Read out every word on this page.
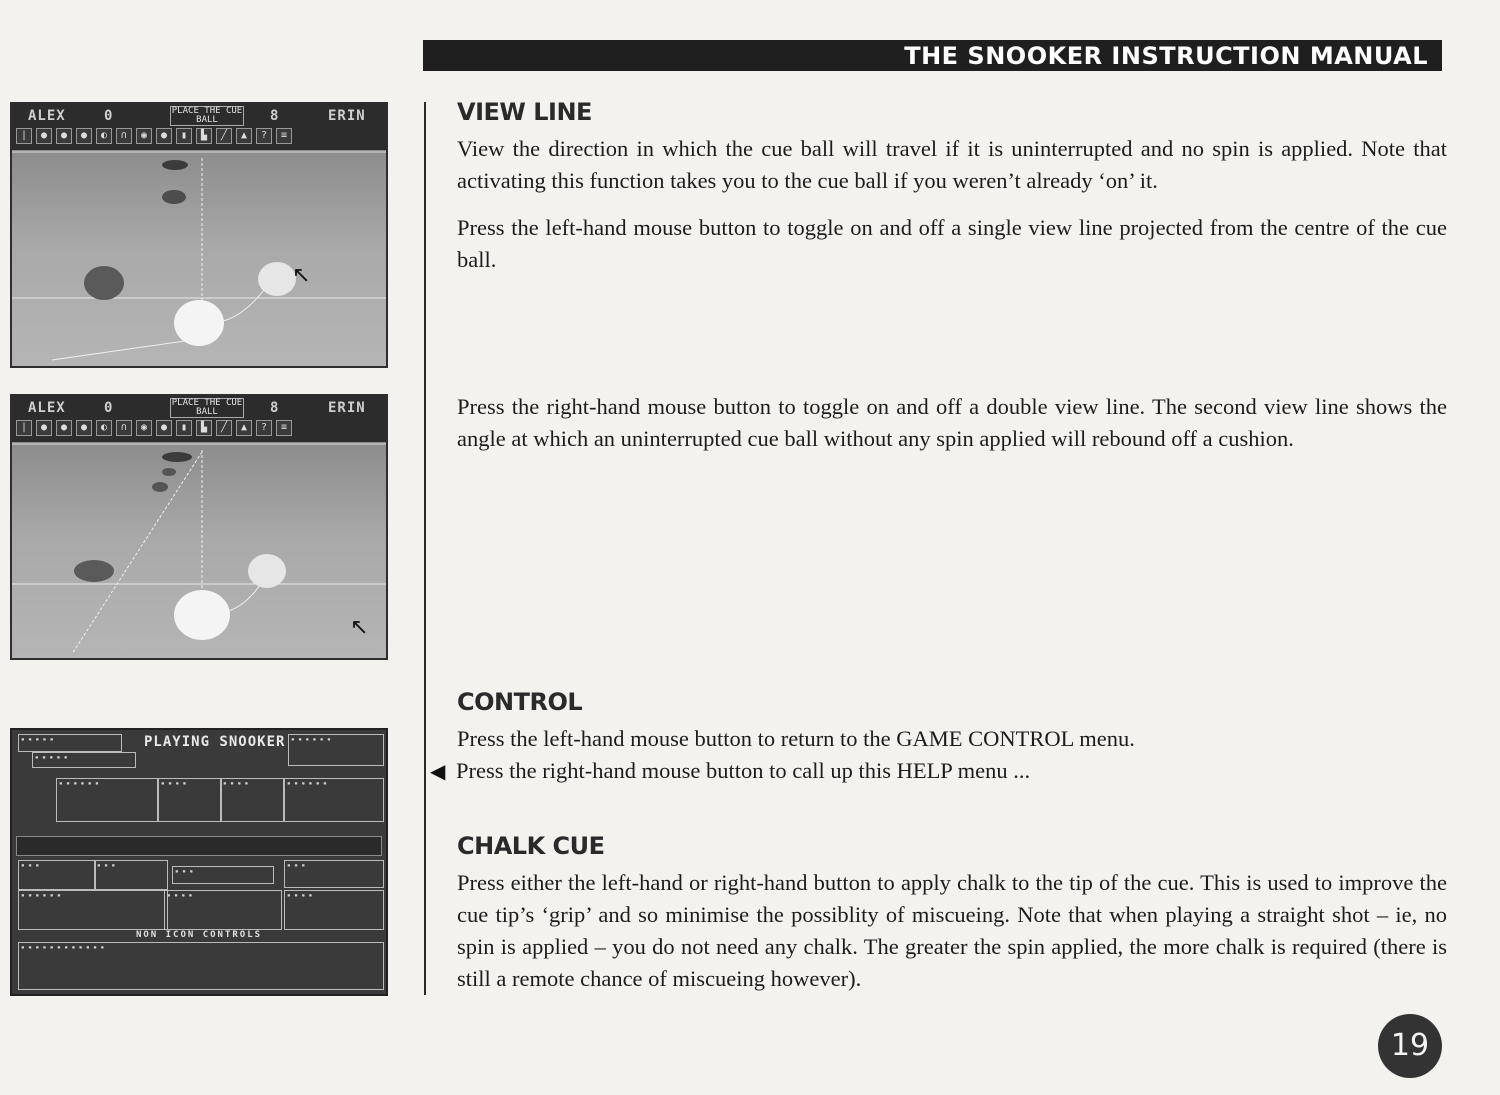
THE SNOOKER INSTRUCTION MANUAL
ALEX	0	PLACE THE CUE BALL	8	ERIN
|	●	●	●	◐	∩	◉	●	▮	▙	╱	▲	?	≡
↖
ALEX	0	PLACE THE CUE BALL	8	ERIN
|	●	●	●	◐	∩	◉	●	▮	▙	╱	▲	?	≡
↖
PLAYING SNOOKER
▪ ▪ ▪ ▪ ▪
▪ ▪ ▪ ▪ ▪
▪ ▪ ▪ ▪ ▪ ▪
▪ ▪ ▪ ▪ ▪ ▪	▪ ▪ ▪ ▪	▪ ▪ ▪ ▪	▪ ▪ ▪ ▪ ▪ ▪
▪ ▪ ▪	▪ ▪ ▪
▪ ▪ ▪
▪ ▪ ▪
▪ ▪ ▪ ▪ ▪ ▪	▪ ▪ ▪ ▪	▪ ▪ ▪ ▪
NON ICON CONTROLS
▪ ▪ ▪ ▪ ▪ ▪ ▪ ▪ ▪ ▪ ▪ ▪
VIEW LINE
View the direction in which the cue ball will travel if it is uninterrupted and no spin is applied. Note that activating this function takes you to the cue ball if you weren’t already ‘on’ it.
Press the left-hand mouse button to toggle on and off a single view line projected from the centre of the cue ball.
Press the right-hand mouse button to toggle on and off a double view line. The second view line shows the angle at which an uninterrupted cue ball without any spin applied will rebound off a cushion.
CONTROL
Press the left-hand mouse button to return to the GAME CONTROL menu.
◀ Press the right-hand mouse button to call up this HELP menu ...
CHALK CUE
Press either the left-hand or right-hand button to apply chalk to the tip of the cue. This is used to improve the cue tip’s ‘grip’ and so minimise the possiblity of miscueing. Note that when playing a straight shot – ie, no spin is applied – you do not need any chalk. The greater the spin applied, the more chalk is required (there is still a remote chance of miscueing however).
19
